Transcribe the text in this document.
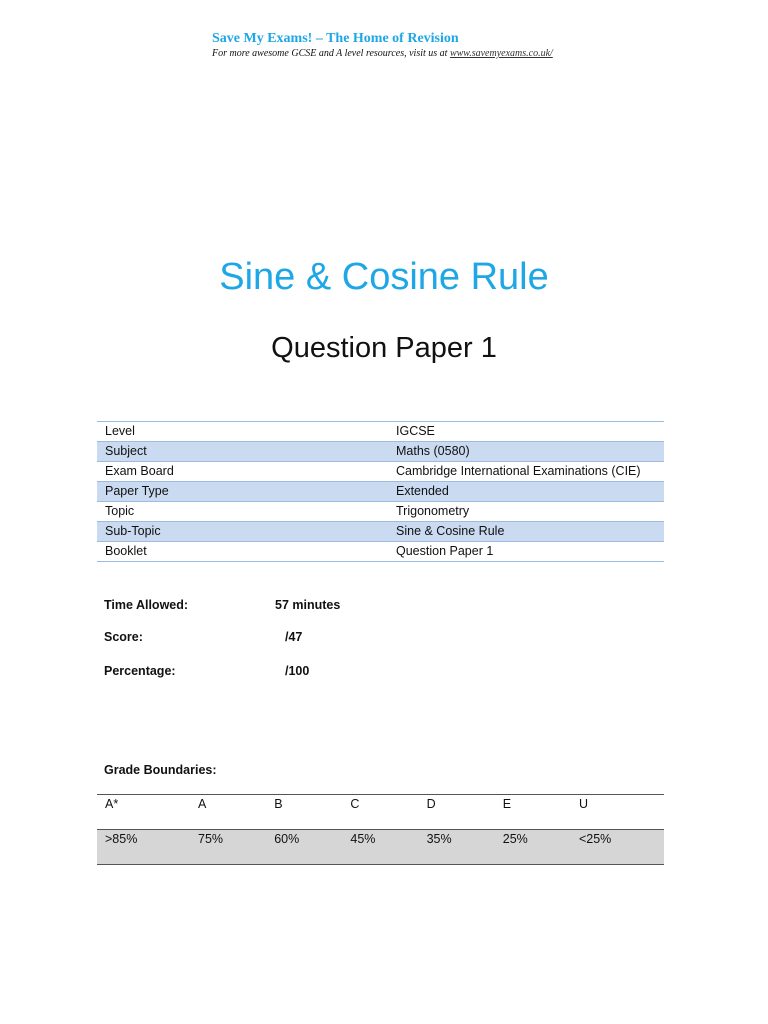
Save My Exams! – The Home of Revision
For more awesome GCSE and A level resources, visit us at www.savemyexams.co.uk/
Sine & Cosine Rule
Question Paper 1
Level	IGCSE
Subject	Maths (0580)
Exam Board	Cambridge International Examinations (CIE)
Paper Type	Extended
Topic	Trigonometry
Sub-Topic	Sine & Cosine Rule
Booklet	Question Paper 1
Time Allowed:	57 minutes
Score:	/47
Percentage:	/100
Grade Boundaries:
A*	A	B	C	D	E	U
>85%	75%	60%	45%	35%	25%	<25%
